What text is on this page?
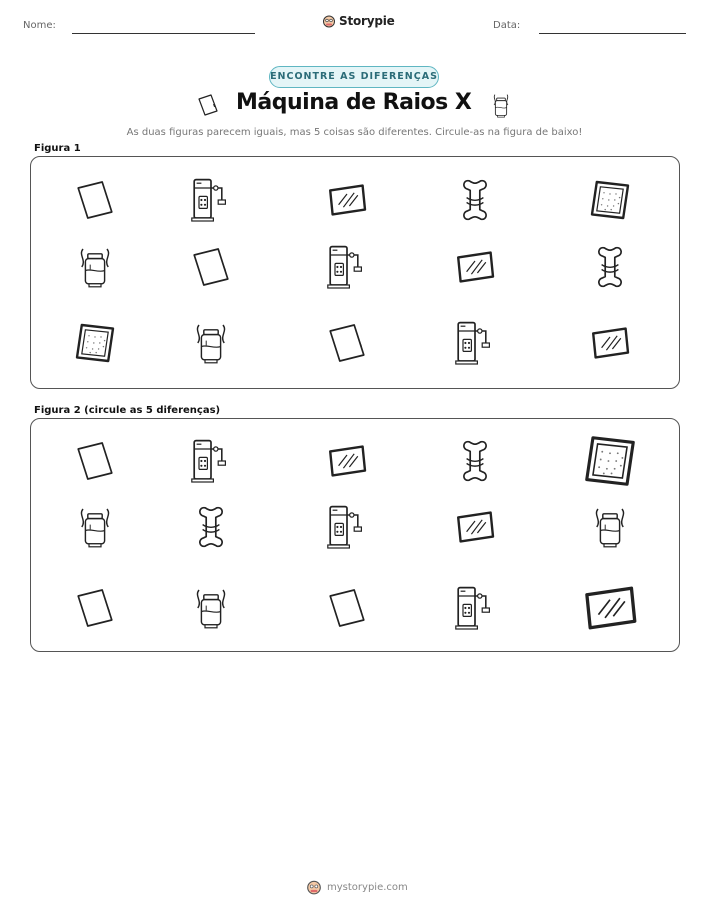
Nome:	Storypie	Data:
ENCONTRE AS DIFERENÇAS
Máquina de Raios X
As duas figuras parecem iguais, mas 5 coisas são diferentes. Circule-as na figura de baixo!
Figura 1
Figura 2 (circule as 5 diferenças)
mystorypie.com
